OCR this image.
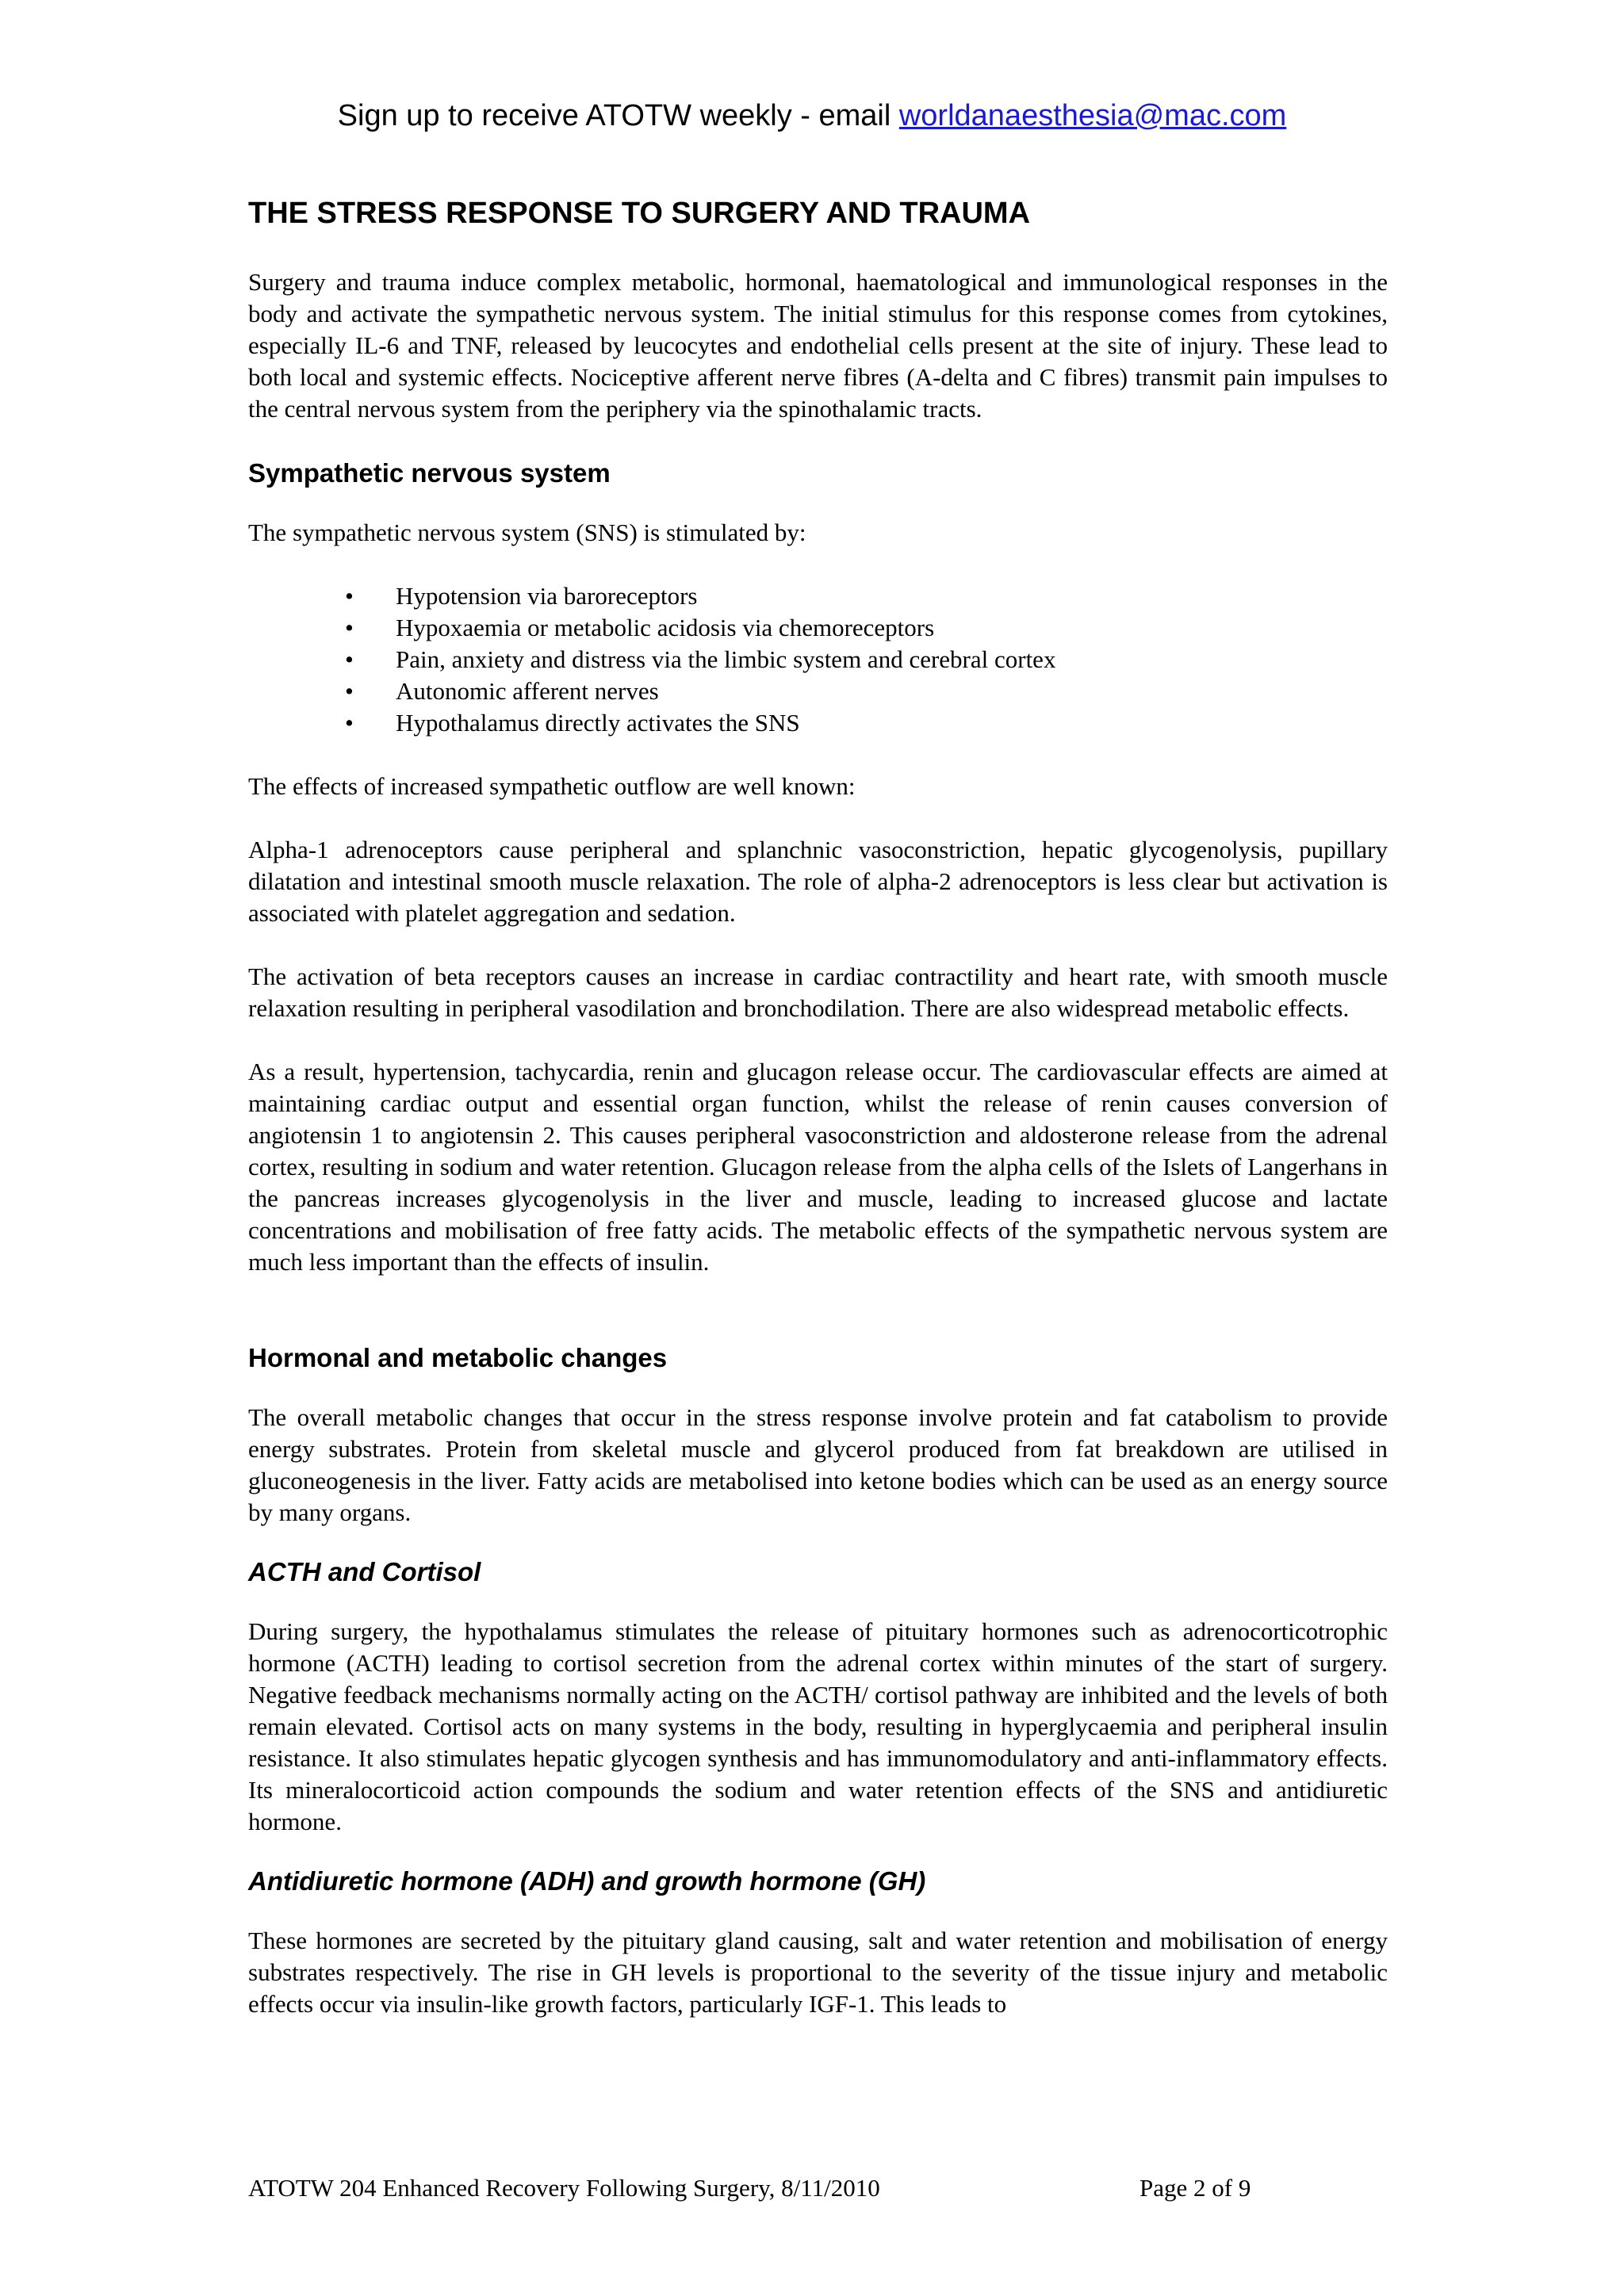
Sign up to receive ATOTW weekly - email worldanaesthesia@mac.com
THE STRESS RESPONSE TO SURGERY AND TRAUMA

Surgery and trauma induce complex metabolic, hormonal, haematological and immunological responses in the body and activate the sympathetic nervous system. The initial stimulus for this response comes from cytokines, especially IL-6 and TNF, released by leucocytes and endothelial cells present at the site of injury. These lead to both local and systemic effects. Nociceptive afferent nerve fibres (A-delta and C fibres) transmit pain impulses to the central nervous system from the periphery via the spinothalamic tracts.

Sympathetic nervous system

The sympathetic nervous system (SNS) is stimulated by:

• Hypotension via baroreceptors
• Hypoxaemia or metabolic acidosis via chemoreceptors
• Pain, anxiety and distress via the limbic system and cerebral cortex
• Autonomic afferent nerves
• Hypothalamus directly activates the SNS

The effects of increased sympathetic outflow are well known:

Alpha-1 adrenoceptors cause peripheral and splanchnic vasoconstriction, hepatic glycogenolysis, pupillary dilatation and intestinal smooth muscle relaxation. The role of alpha-2 adrenoceptors is less clear but activation is associated with platelet aggregation and sedation.

The activation of beta receptors causes an increase in cardiac contractility and heart rate, with smooth muscle relaxation resulting in peripheral vasodilation and bronchodilation. There are also widespread metabolic effects.

As a result, hypertension, tachycardia, renin and glucagon release occur. The cardiovascular effects are aimed at maintaining cardiac output and essential organ function, whilst the release of renin causes conversion of angiotensin 1 to angiotensin 2. This causes peripheral vasoconstriction and aldosterone release from the adrenal cortex, resulting in sodium and water retention. Glucagon release from the alpha cells of the Islets of Langerhans in the pancreas increases glycogenolysis in the liver and muscle, leading to increased glucose and lactate concentrations and mobilisation of free fatty acids. The metabolic effects of the sympathetic nervous system are much less important than the effects of insulin.

Hormonal and metabolic changes

The overall metabolic changes that occur in the stress response involve protein and fat catabolism to provide energy substrates. Protein from skeletal muscle and glycerol produced from fat breakdown are utilised in gluconeogenesis in the liver. Fatty acids are metabolised into ketone bodies which can be used as an energy source by many organs.

ACTH and Cortisol

During surgery, the hypothalamus stimulates the release of pituitary hormones such as adrenocorticotrophic hormone (ACTH) leading to cortisol secretion from the adrenal cortex within minutes of the start of surgery. Negative feedback mechanisms normally acting on the ACTH/ cortisol pathway are inhibited and the levels of both remain elevated. Cortisol acts on many systems in the body, resulting in hyperglycaemia and peripheral insulin resistance. It also stimulates hepatic glycogen synthesis and has immunomodulatory and anti-inflammatory effects. Its mineralocorticoid action compounds the sodium and water retention effects of the SNS and antidiuretic hormone.

Antidiuretic hormone (ADH) and growth hormone (GH)

These hormones are secreted by the pituitary gland causing, salt and water retention and mobilisation of energy substrates respectively. The rise in GH levels is proportional to the severity of the tissue injury and metabolic effects occur via insulin-like growth factors, particularly IGF-1. This leads to

ATOTW 204 Enhanced Recovery Following Surgery, 8/11/2010	Page 2 of 9
